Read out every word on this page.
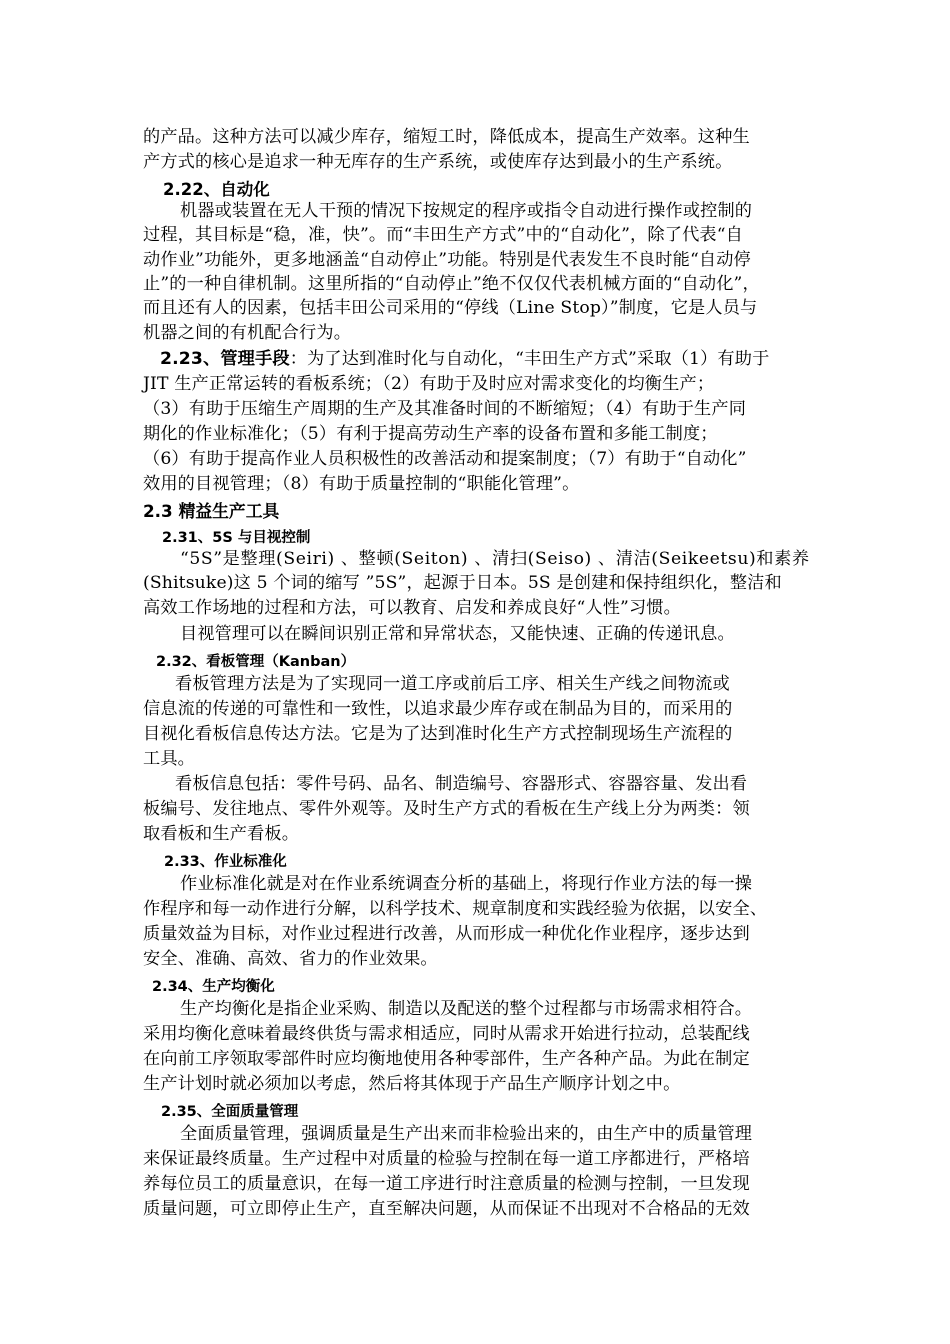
的产品。这种方法可以减少库存，缩短工时，降低成本，提高生产效率。这种生
产方式的核心是追求一种无库存的生产系统，或使库存达到最小的生产系统。
2.22、自动化
机器或装置在无人干预的情况下按规定的程序或指令自动进行操作或控制的
过程，其目标是“稳，准，快”。而“丰田生产方式”中的“自动化”，除了代表“自
动作业”功能外，更多地涵盖“自动停止”功能。特别是代表发生不良时能“自动停
止”的一种自律机制。这里所指的“自动停止”绝不仅仅代表机械方面的“自动化”，
而且还有人的因素，包括丰田公司采用的“停线（Line Stop）”制度，它是人员与
机器之间的有机配合行为。
2.23、管理手段：为了达到准时化与自动化，“丰田生产方式”采取（1）有助于
JIT 生产正常运转的看板系统；（2）有助于及时应对需求变化的均衡生产；
（3）有助于压缩生产周期的生产及其准备时间的不断缩短；（4）有助于生产同
期化的作业标准化；（5）有利于提高劳动生产率的设备布置和多能工制度；
（6）有助于提高作业人员积极性的改善活动和提案制度；（7）有助于“自动化”
效用的目视管理；（8）有助于质量控制的“职能化管理”。
2.3 精益生产工具
2.31、5S 与目视控制
“5S”是整理(Seiri) 、整顿(Seiton) 、清扫(Seiso) 、清洁(Seikeetsu)和素养
(Shitsuke)这 5 个词的缩写 ”5S”，起源于日本。5S 是创建和保持组织化，整洁和
高效工作场地的过程和方法，可以教育、启发和养成良好“人性”习惯。
目视管理可以在瞬间识别正常和异常状态，又能快速、正确的传递讯息。
2.32、看板管理（Kanban）
看板管理方法是为了实现同一道工序或前后工序、相关生产线之间物流或
信息流的传递的可靠性和一致性，以追求最少库存或在制品为目的，而采用的
目视化看板信息传达方法。它是为了达到准时化生产方式控制现场生产流程的
工具。
看板信息包括：零件号码、品名、制造编号、容器形式、容器容量、发出看
板编号、发往地点、零件外观等。及时生产方式的看板在生产线上分为两类：领
取看板和生产看板。
2.33、作业标准化
作业标准化就是对在作业系统调查分析的基础上，将现行作业方法的每一操
作程序和每一动作进行分解，以科学技术、规章制度和实践经验为依据，以安全、
质量效益为目标，对作业过程进行改善，从而形成一种优化作业程序，逐步达到
安全、准确、高效、省力的作业效果。
2.34、生产均衡化
生产均衡化是指企业采购、制造以及配送的整个过程都与市场需求相符合。
采用均衡化意味着最终供货与需求相适应，同时从需求开始进行拉动，总装配线
在向前工序领取零部件时应均衡地使用各种零部件，生产各种产品。为此在制定
生产计划时就必须加以考虑，然后将其体现于产品生产顺序计划之中。
2.35、全面质量管理
全面质量管理，强调质量是生产出来而非检验出来的，由生产中的质量管理
来保证最终质量。生产过程中对质量的检验与控制在每一道工序都进行，严格培
养每位员工的质量意识，在每一道工序进行时注意质量的检测与控制，一旦发现
质量问题，可立即停止生产，直至解决问题，从而保证不出现对不合格品的无效
